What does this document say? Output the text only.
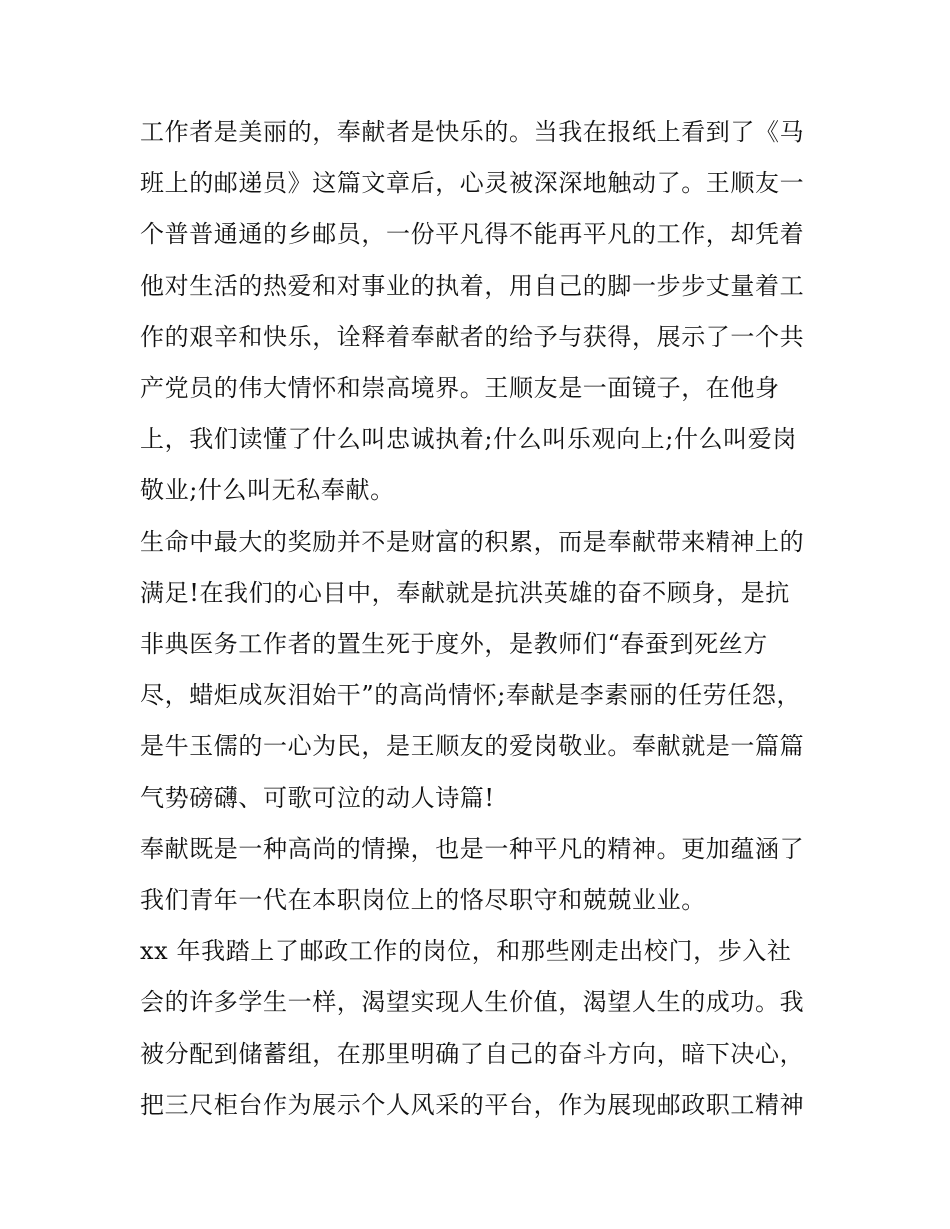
工作者是美丽的，奉献者是快乐的。当我在报纸上看到了《马

班上的邮递员》这篇文章后，心灵被深深地触动了。王顺友一

个普普通通的乡邮员，一份平凡得不能再平凡的工作，却凭着

他对生活的热爱和对事业的执着，用自己的脚一步步丈量着工

作的艰辛和快乐，诠释着奉献者的给予与获得，展示了一个共

产党员的伟大情怀和崇高境界。王顺友是一面镜子，在他身

上，我们读懂了什么叫忠诚执着;什么叫乐观向上;什么叫爱岗

敬业;什么叫无私奉献。

生命中最大的奖励并不是财富的积累，而是奉献带来精神上的

满足!在我们的心目中，奉献就是抗洪英雄的奋不顾身，是抗

非典医务工作者的置生死于度外，是教师们“春蚕到死丝方

尽，蜡炬成灰泪始干”的高尚情怀;奉献是李素丽的任劳任怨，

是牛玉儒的一心为民，是王顺友的爱岗敬业。奉献就是一篇篇

气势磅礴、可歌可泣的动人诗篇!

奉献既是一种高尚的情操，也是一种平凡的精神。更加蕴涵了

我们青年一代在本职岗位上的恪尽职守和兢兢业业。

xx 年我踏上了邮政工作的岗位，和那些刚走出校门，步入社

会的许多学生一样，渴望实现人生价值，渴望人生的成功。我

被分配到储蓄组，在那里明确了自己的奋斗方向，暗下决心，

把三尺柜台作为展示个人风采的平台，作为展现邮政职工精神
